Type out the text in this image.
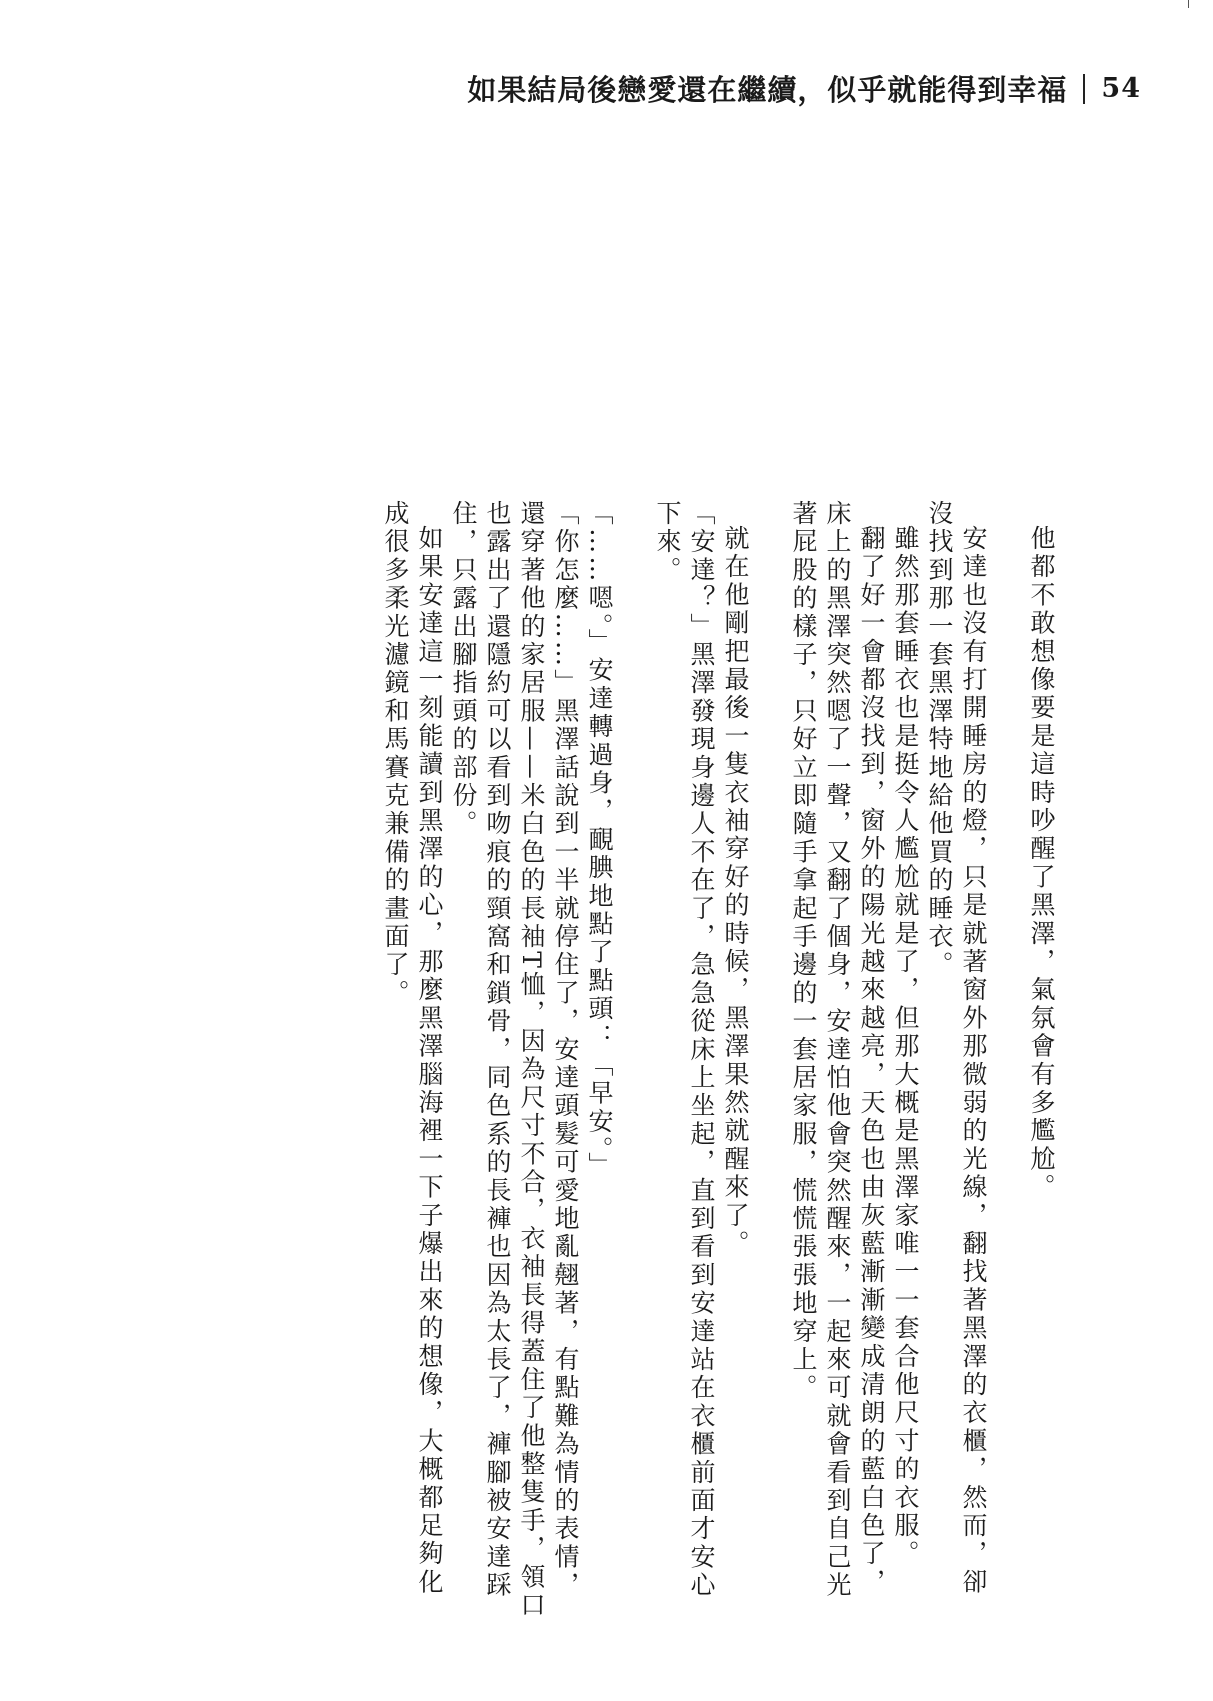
如果結局後戀愛還在繼續，似乎就能得到幸福 54

他都不敢想像要是這時吵醒了黑澤，氣氛會有多尷尬。

安達也沒有打開睡房的燈，只是就著窗外那微弱的光線，翻找著黑澤的衣櫃，然而，卻沒找到那一套黑澤特地給他買的睡衣。

雖然那套睡衣也是挺令人尷尬就是了，但那大概是黑澤家唯一一套合他尺寸的衣服。

翻了好一會都沒找到，窗外的陽光越來越亮，天色也由灰藍漸漸變成清朗的藍白色了，床上的黑澤突然嗯了一聲，又翻了個身，安達怕他會突然醒來，一起來可就會看到自己光著屁股的樣子，只好立即隨手拿起手邊的一套居家服，慌慌張張地穿上。

就在他剛把最後一隻衣袖穿好的時候，黑澤果然就醒來了。

「安達？」黑澤發現身邊人不在了，急急從床上坐起，直到看到安達站在衣櫃前面才安心下來。

「……嗯。」安達轉過身，靦腆地點了點頭：「早安。」

「你怎麼……」黑澤話說到一半就停住了，安達頭髮可愛地亂翹著，有點難為情的表情，還穿著他的家居服——米白色的長袖T恤，因為尺寸不合，衣袖長得蓋住了他整隻手，領口也露出了還隱約可以看到吻痕的頸窩和鎖骨，同色系的長褲也因為太長了，褲腳被安達踩住，只露出腳指頭的部份。

如果安達這一刻能讀到黑澤的心，那麼黑澤腦海裡一下子爆出來的想像，大概都足夠化成很多柔光濾鏡和馬賽克兼備的畫面了。
